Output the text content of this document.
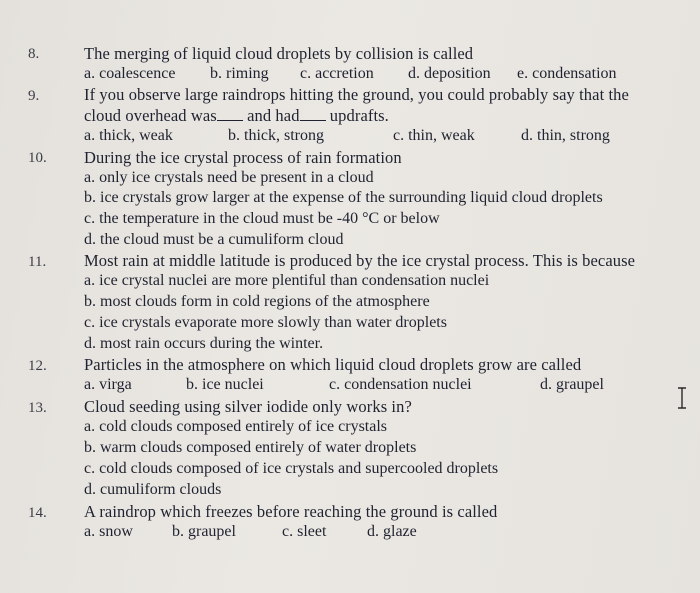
8.	The merging of liquid cloud droplets by collision is called
a. coalescence b. riming c. accretion d. deposition e. condensation
9.	If you observe large raindrops hitting the ground, you could probably say that the
cloud overhead was and had updrafts.
a. thick, weak	b. thick, strong	c. thin, weak	d. thin, strong
10. During the ice crystal process of rain formation
a. only ice crystals need be present in a cloud
b. ice crystals grow larger at the expense of the surrounding liquid cloud droplets
c. the temperature in the cloud must be -40 °C or below
d. the cloud must be a cumuliform cloud
11. Most rain at middle latitude is produced by the ice crystal process. This is because
a. ice crystal nuclei are more plentiful than condensation nuclei
b. most clouds form in cold regions of the atmosphere
c. ice crystals evaporate more slowly than water droplets
d. most rain occurs during the winter.
12. Particles in the atmosphere on which liquid cloud droplets grow are called
a. virga	b. ice nuclei	c. condensation nuclei	d. graupel
13. Cloud seeding using silver iodide only works in?
a. cold clouds composed entirely of ice crystals
b. warm clouds composed entirely of water droplets
c. cold clouds composed of ice crystals and supercooled droplets
d. cumuliform clouds
14. A raindrop which freezes before reaching the ground is called
a. snow b. graupel	c. sleet	d. glaze
